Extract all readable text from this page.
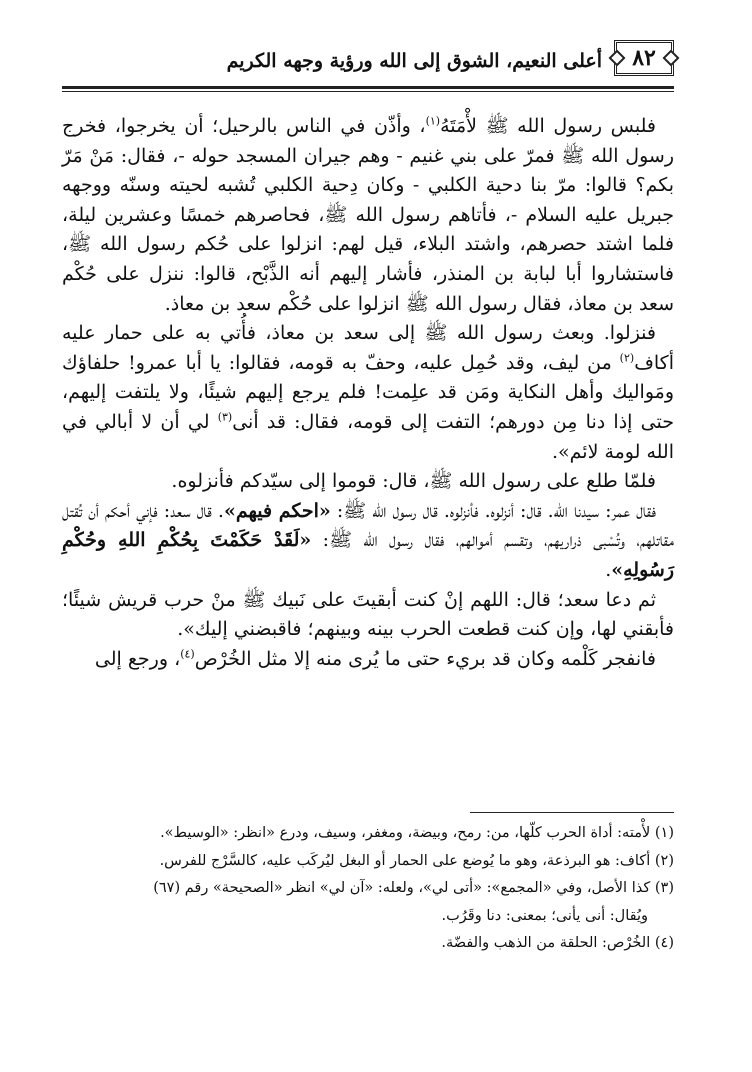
٨٢
أعلى النعيم، الشوق إلى الله ورؤية وجهه الكريم

فلبس رسول الله ﷺ لأْمَتَهُ$^{(١)}$، وأذّن في الناس بالرحيل؛ أن يخرجوا، فخرج رسول الله ﷺ فمرّ على بني غنيم - وهم جيران المسجد حوله -، فقال: مَنْ مَرّ بكم؟ قالوا: مرّ بنا دحية الكلبي - وكان دِحية الكلبي تُشبه لحيته وسنّه ووجهه جبريل عليه السلام -، فأتاهم رسول الله ﷺ، فحاصرهم خمسًا وعشرين ليلة، فلما اشتد حصرهم، واشتد البلاء، قيل لهم: انزلوا على حُكم رسول الله ﷺ، فاستشاروا أبا لبابة بن المنذر، فأشار إليهم أنه الذَّبْح، قالوا: ننزل على حُكْم سعد بن معاذ، فقال رسول الله ﷺ انزلوا على حُكْم سعد بن معاذ.

فنزلوا. وبعث رسول الله ﷺ إلى سعد بن معاذ، فأُتي به على حمار عليه أكاف$^{(٢)}$ من ليف، وقد حُمِل عليه، وحفّ به قومه، فقالوا: يا أبا عمرو! حلفاؤك ومَواليك وأهل النكاية ومَن قد علِمت! فلم يرجع إليهم شيئًا، ولا يلتفت إليهم، حتى إذا دنا مِن دورهم؛ التفت إلى قومه، فقال: قد أنى$^{(٣)}$ لي أن لا أبالي في الله لومة لائم».

فلمّا طلع على رسول الله ﷺ، قال: قوموا إلى سيّدكم فأنزلوه.

فقال عمر: سيدنا الله. قال: أنزلوه. فأنزلوه. قال رسول الله ﷺ: «احكم فيهم». قال سعد: فإني أحكم أن تُقتل مقاتلهم، وتُسْبى ذراريهم، وتقسم أموالهم، فقال رسول الله ﷺ: «لَقَدْ حَكَمْتَ بِحُكْمِ اللهِ وحُكْمِ رَسُولِهِ».

ثم دعا سعد؛ قال: اللهم إنْ كنت أبقيتَ على نَبيك ﷺ منْ حرب قريش شيئًا؛ فأبقني لها، وإن كنت قطعت الحرب بينه وبينهم؛ فاقبضني إليك».

فانفجر كَلْمه وكان قد بريء حتى ما يُرى منه إلا مثل الخُرْص$^{(٤)}$، ورجع إلى

(١) لأْمته: أداة الحرب كلّها، من: رمح، وبيضة، ومغفر، وسيف، ودرع «انظر: «الوسيط».

(٢) أكاف: هو البرذعة، وهو ما يُوضع على الحمار أو البغل ليُركَب عليه، كالسَّرْج للفرس.

(٣) كذا الأصل، وفي «المجمع»: «أتى لي»، ولعله: «آن لي» انظر «الصحيحة» رقم (٦٧)

ويُقال: أنى يأنى؛ بمعنى: دنا وقَرُب.

(٤) الخُرْص: الحلقة من الذهب والفضّة.
